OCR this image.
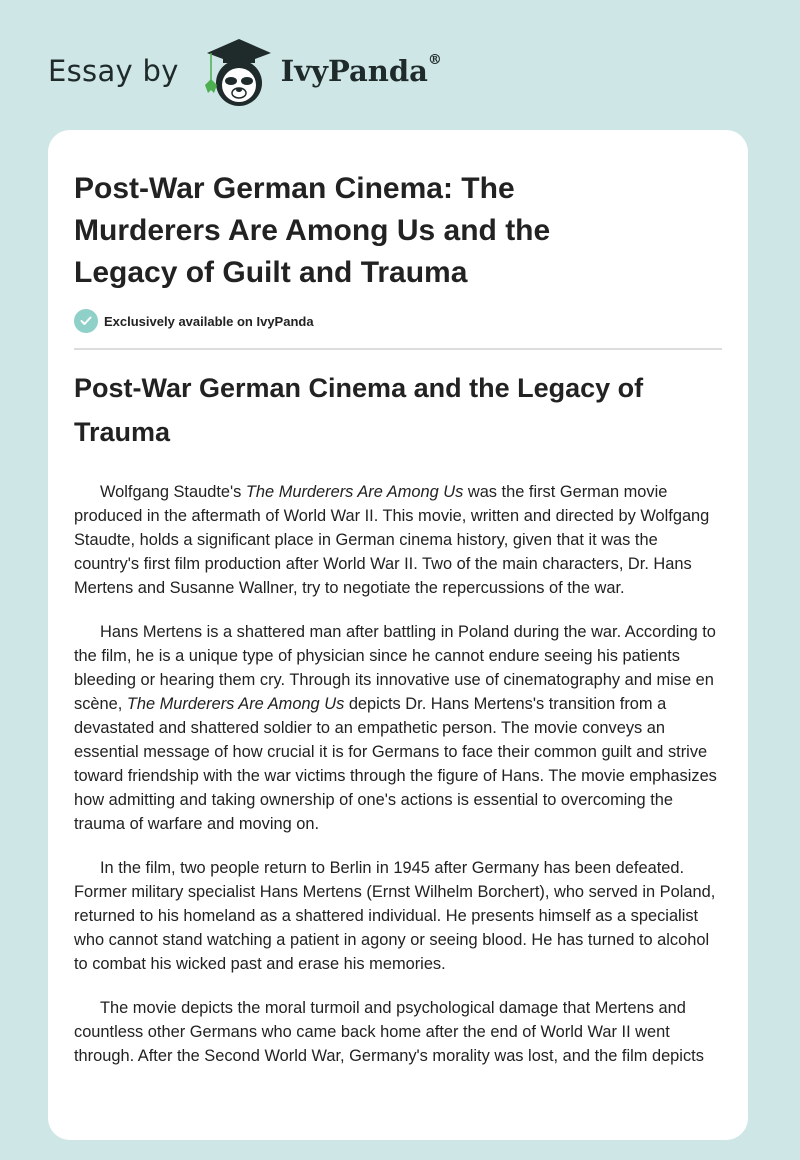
Essay by	IvyPanda®
Post-War German Cinema: The Murderers Are Among Us and the Legacy of Guilt and Trauma
Exclusively available on IvyPanda
Post-War German Cinema and the Legacy of Trauma

Wolfgang Staudte's The Murderers Are Among Us was the first German movie produced in the aftermath of World War II. This movie, written and directed by Wolfgang Staudte, holds a significant place in German cinema history, given that it was the country's first film production after World War II. Two of the main characters, Dr. Hans Mertens and Susanne Wallner, try to negotiate the repercussions of the war.

Hans Mertens is a shattered man after battling in Poland during the war. According to the film, he is a unique type of physician since he cannot endure seeing his patients bleeding or hearing them cry. Through its innovative use of cinematography and mise en scène, The Murderers Are Among Us depicts Dr. Hans Mertens's transition from a devastated and shattered soldier to an empathetic person. The movie conveys an essential message of how crucial it is for Germans to face their common guilt and strive toward friendship with the war victims through the figure of Hans. The movie emphasizes how admitting and taking ownership of one's actions is essential to overcoming the trauma of warfare and moving on.

In the film, two people return to Berlin in 1945 after Germany has been defeated. Former military specialist Hans Mertens (Ernst Wilhelm Borchert), who served in Poland, returned to his homeland as a shattered individual. He presents himself as a specialist who cannot stand watching a patient in agony or seeing blood. He has turned to alcohol to combat his wicked past and erase his memories.

The movie depicts the moral turmoil and psychological damage that Mertens and countless other Germans who came back home after the end of World War II went through. After the Second World War, Germany's morality was lost, and the film depicts
